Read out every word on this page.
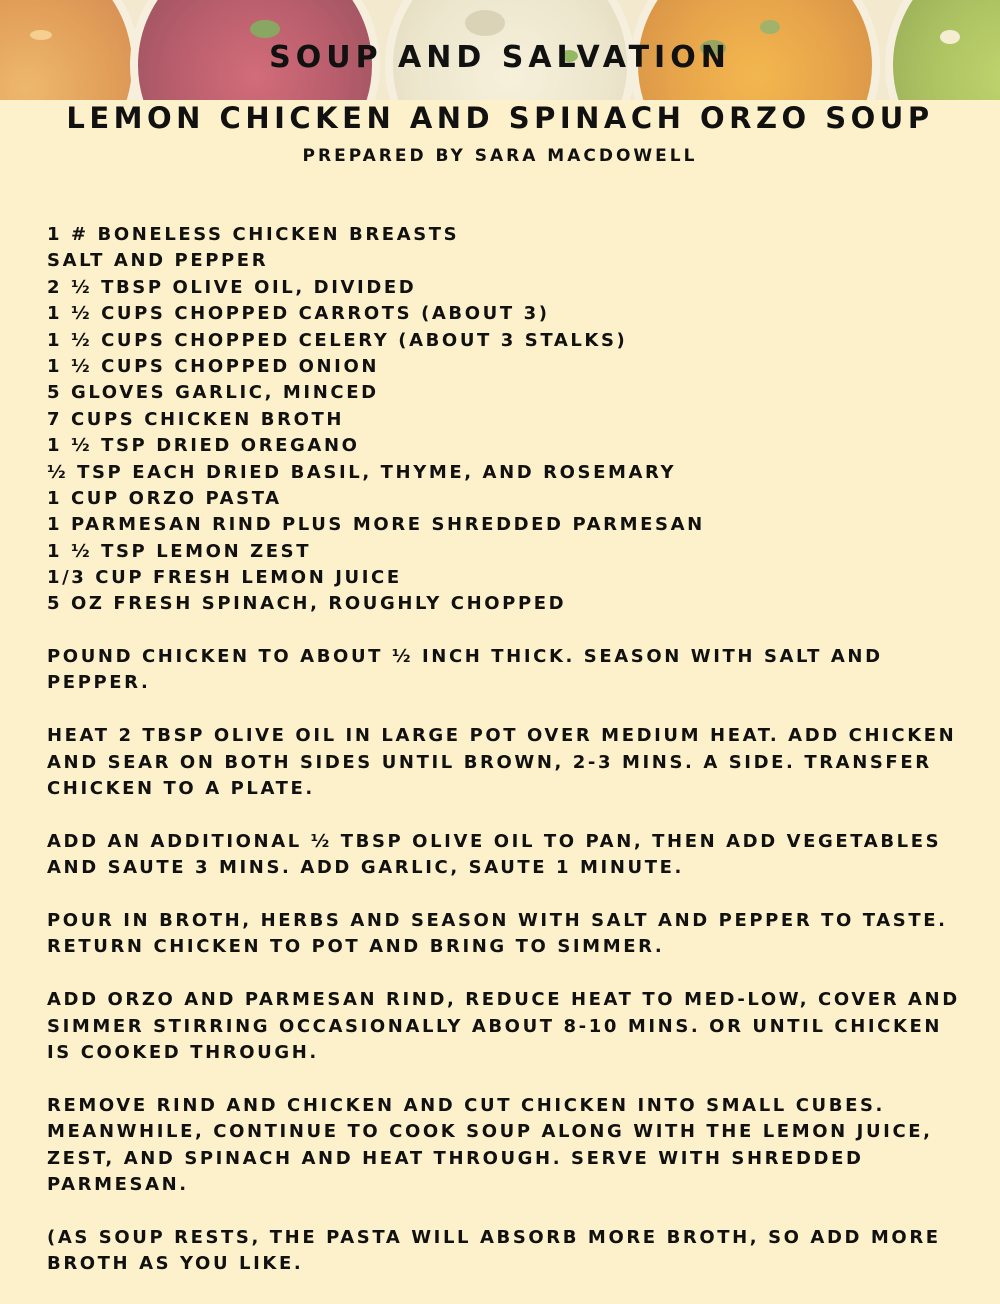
SOUP AND SALVATION
LEMON CHICKEN AND SPINACH ORZO SOUP

PREPARED BY SARA MACDOWELL

1 # BONELESS CHICKEN BREASTS
SALT AND PEPPER
2 ½ TBSP OLIVE OIL, DIVIDED
1 ½ CUPS CHOPPED CARROTS (ABOUT 3)
1 ½ CUPS CHOPPED CELERY (ABOUT 3 STALKS)
1 ½ CUPS CHOPPED ONION
5 GLOVES GARLIC, MINCED
7 CUPS CHICKEN BROTH
1 ½ TSP DRIED OREGANO
½ TSP EACH DRIED BASIL, THYME, AND ROSEMARY
1 CUP ORZO PASTA
1 PARMESAN RIND PLUS MORE SHREDDED PARMESAN
1 ½ TSP LEMON ZEST
1/3 CUP FRESH LEMON JUICE
5 OZ FRESH SPINACH, ROUGHLY CHOPPED

POUND CHICKEN TO ABOUT ½ INCH THICK. SEASON WITH SALT AND
PEPPER.

HEAT 2 TBSP OLIVE OIL IN LARGE POT OVER MEDIUM HEAT. ADD CHICKEN
AND SEAR ON BOTH SIDES UNTIL BROWN, 2-3 MINS. A SIDE. TRANSFER
CHICKEN TO A PLATE.

ADD AN ADDITIONAL ½ TBSP OLIVE OIL TO PAN, THEN ADD VEGETABLES
AND SAUTE 3 MINS. ADD GARLIC, SAUTE 1 MINUTE.

POUR IN BROTH, HERBS AND SEASON WITH SALT AND PEPPER TO TASTE.
RETURN CHICKEN TO POT AND BRING TO SIMMER.

ADD ORZO AND PARMESAN RIND, REDUCE HEAT TO MED-LOW, COVER AND
SIMMER STIRRING OCCASIONALLY ABOUT 8-10 MINS. OR UNTIL CHICKEN
IS COOKED THROUGH.

REMOVE RIND AND CHICKEN AND CUT CHICKEN INTO SMALL CUBES.
MEANWHILE, CONTINUE TO COOK SOUP ALONG WITH THE LEMON JUICE,
ZEST, AND SPINACH AND HEAT THROUGH. SERVE WITH SHREDDED
PARMESAN.

(AS SOUP RESTS, THE PASTA WILL ABSORB MORE BROTH, SO ADD MORE
BROTH AS YOU LIKE.
